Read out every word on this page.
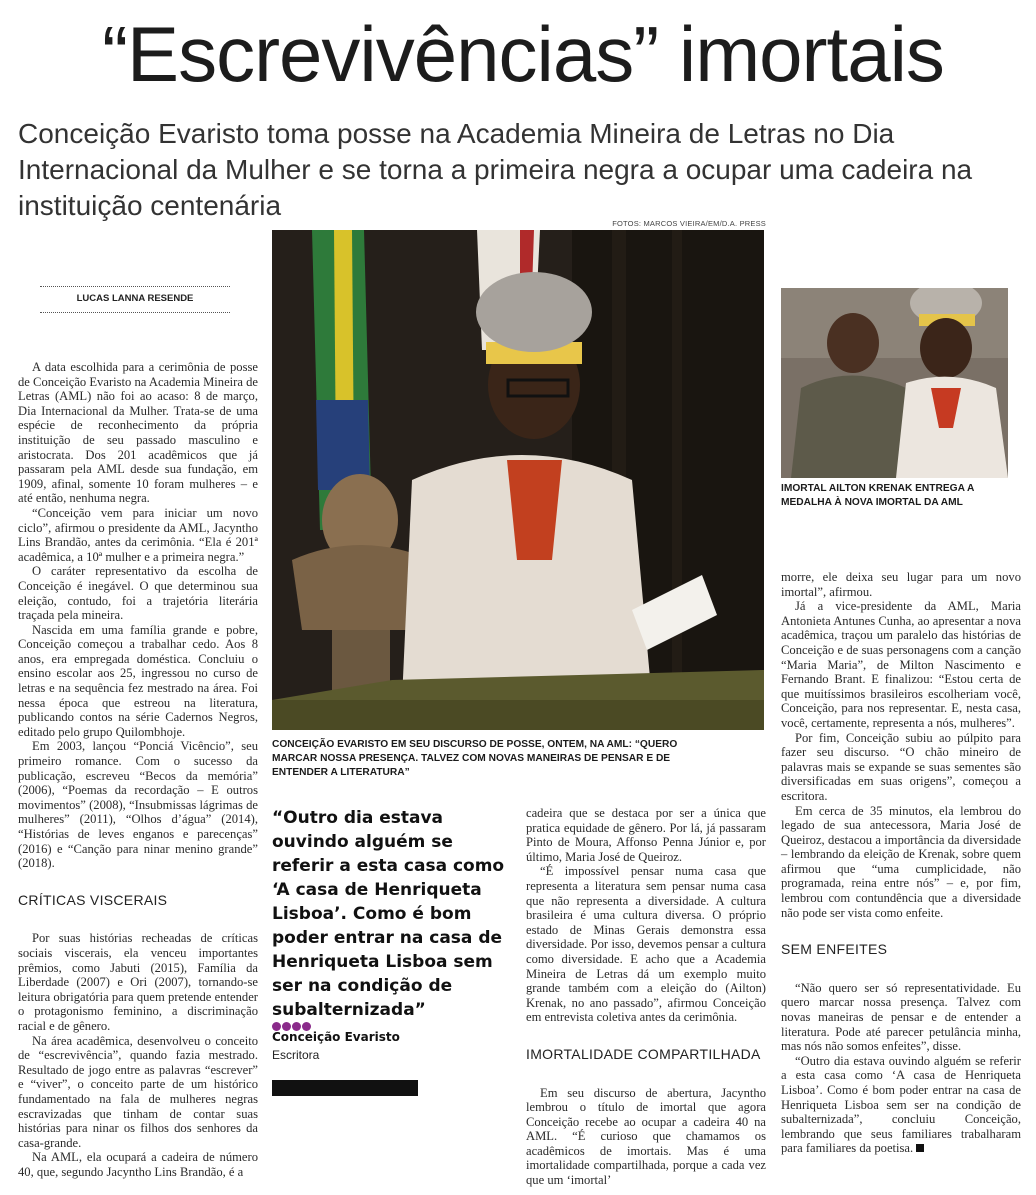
“Escrevivências” imortais
Conceição Evaristo toma posse na Academia Mineira de Letras no Dia Internacional da Mulher e se torna a primeira negra a ocupar uma cadeira na instituição centenária
FOTOS: MARCOS VIEIRA/EM/D.A. PRESS
LUCAS LANNA RESENDE

A data escolhida para a cerimônia de posse de Conceição Evaristo na Academia Mineira de Letras (AML) não foi ao acaso: 8 de março, Dia Internacional da Mulher. Trata-se de uma espécie de reconhecimento da própria instituição de seu passado masculino e aristocrata. Dos 201 acadêmicos que já passaram pela AML desde sua fundação, em 1909, afinal, somente 10 foram mulheres – e até então, nenhuma negra.

“Conceição vem para iniciar um novo ciclo”, afirmou o presidente da AML, Jacyntho Lins Brandão, antes da cerimônia. “Ela é 201ª acadêmica, a 10ª mulher e a primeira negra.”

O caráter representativo da escolha de Conceição é inegável. O que determinou sua eleição, contudo, foi a trajetória literária traçada pela mineira.

Nascida em uma família grande e pobre, Conceição começou a trabalhar cedo. Aos 8 anos, era empregada doméstica. Concluiu o ensino escolar aos 25, ingressou no curso de letras e na sequência fez mestrado na área. Foi nessa época que estreou na literatura, publicando contos na série Cadernos Negros, editado pelo grupo Quilombhoje.

Em 2003, lançou “Ponciá Vicêncio”, seu primeiro romance. Com o sucesso da publicação, escreveu “Becos da memória” (2006), “Poemas da recordação – E outros movimentos” (2008), “Insubmissas lágrimas de mulheres” (2011), “Olhos d’água” (2014), “Histórias de leves enganos e parecenças” (2016) e “Canção para ninar menino grande” (2018).

CRÍTICAS VISCERAIS

Por suas histórias recheadas de críticas sociais viscerais, ela venceu importantes prêmios, como Jabuti (2015), Família da Liberdade (2007) e Ori (2007), tornando-se leitura obrigatória para quem pretende entender o protagonismo feminino, a discriminação racial e de gênero.

Na área acadêmica, desenvolveu o conceito de “escrevivência”, quando fazia mestrado. Resultado de jogo entre as palavras “escrever” e “viver”, o conceito parte de um histórico fundamentado na fala de mulheres negras escravizadas que tinham de contar suas histórias para ninar os filhos dos senhores da casa-grande.

Na AML, ela ocupará a cadeira de número 40, que, segundo Jacyntho Lins Brandão, é a

IMORTAL AILTON KRENAK ENTREGA A MEDALHA À NOVA IMORTAL DA AML
CONCEIÇÃO EVARISTO EM SEU DISCURSO DE POSSE, ONTEM, NA AML: “QUERO MARCAR NOSSA PRESENÇA. TALVEZ COM NOVAS MANEIRAS DE PENSAR E DE ENTENDER A LITERATURA”
“Outro dia estava ouvindo alguém se referir a esta casa como ‘A casa de Henriqueta Lisboa’. Como é bom poder entrar na casa de Henriqueta Lisboa sem ser na condição de subalternizada”
Conceição Evaristo
Escritora

cadeira que se destaca por ser a única que pratica equidade de gênero. Por lá, já passaram Pinto de Moura, Affonso Penna Júnior e, por último, Maria José de Queiroz.

“É impossível pensar numa casa que representa a literatura sem pensar numa casa que não representa a diversidade. A cultura brasileira é uma cultura diversa. O próprio estado de Minas Gerais demonstra essa diversidade. Por isso, devemos pensar a cultura como diversidade. E acho que a Academia Mineira de Letras dá um exemplo muito grande também com a eleição do (Ailton) Krenak, no ano passado”, afirmou Conceição em entrevista coletiva antes da cerimônia.

IMORTALIDADE COMPARTILHADA

Em seu discurso de abertura, Jacyntho lembrou o título de imortal que agora Conceição recebe ao ocupar a cadeira 40 na AML. “É curioso que chamamos os acadêmicos de imortais. Mas é uma imortalidade compartilhada, porque a cada vez que um ‘imortal’

morre, ele deixa seu lugar para um novo imortal”, afirmou.

Já a vice-presidente da AML, Maria Antonieta Antunes Cunha, ao apresentar a nova acadêmica, traçou um paralelo das histórias de Conceição e de suas personagens com a canção “Maria Maria”, de Milton Nascimento e Fernando Brant. E finalizou: “Estou certa de que muitíssimos brasileiros escolheriam você, Conceição, para nos representar. E, nesta casa, você, certamente, representa a nós, mulheres”.

Por fim, Conceição subiu ao púlpito para fazer seu discurso. “O chão mineiro de palavras mais se expande se suas sementes são diversificadas em suas origens”, começou a escritora.

Em cerca de 35 minutos, ela lembrou do legado de sua antecessora, Maria José de Queiroz, destacou a importância da diversidade – lembrando da eleição de Krenak, sobre quem afirmou que “uma cumplicidade, não programada, reina entre nós” – e, por fim, lembrou com contundência que a diversidade não pode ser vista como enfeite.

SEM ENFEITES

“Não quero ser só representatividade. Eu quero marcar nossa presença. Talvez com novas maneiras de pensar e de entender a literatura. Pode até parecer petulância minha, mas nós não somos enfeites”, disse.

“Outro dia estava ouvindo alguém se referir a esta casa como ‘A casa de Henriqueta Lisboa’. Como é bom poder entrar na casa de Henriqueta Lisboa sem ser na condição de subalternizada”, concluiu Conceição, lembrando que seus familiares trabalharam para familiares da poetisa.
